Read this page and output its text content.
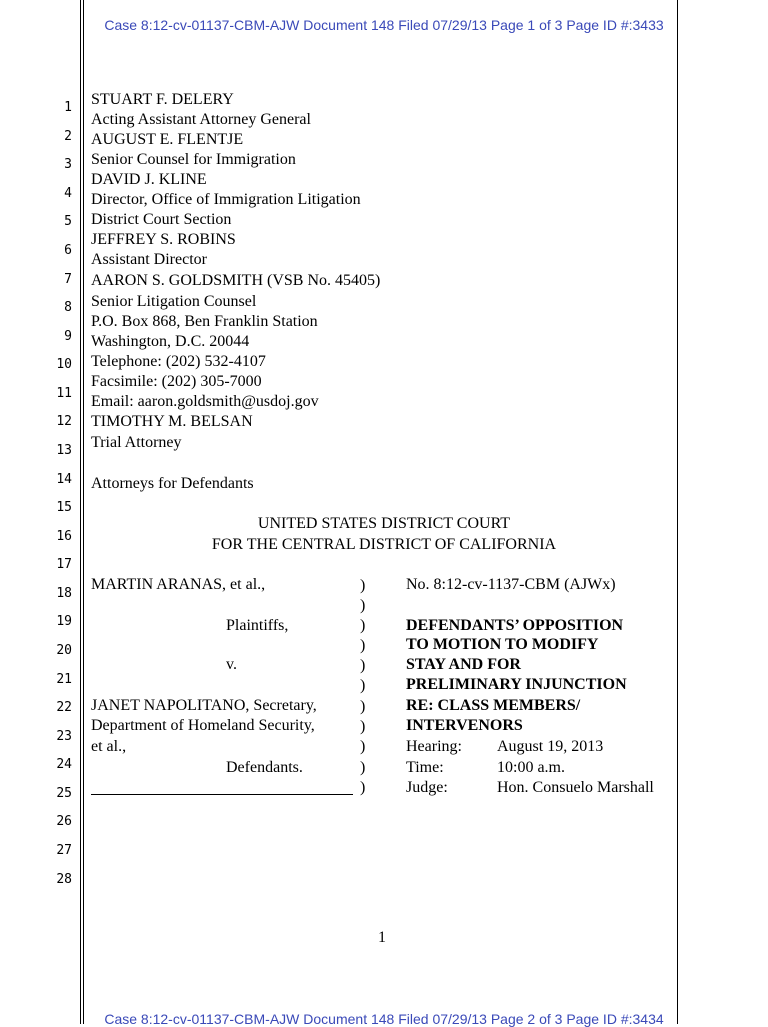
Case 8:12-cv-01137-CBM-AJW Document 148 Filed 07/29/13 Page 1 of 3 Page ID #:3433
Case 8:12-cv-01137-CBM-AJW Document 148 Filed 07/29/13 Page 2 of 3 Page ID #:3434
1
2
3
4
5
6
7
8
9
10
11
12
13
14
15
16
17
18
19
20
21
22
23
24
25
26
27
28
STUART F. DELERY
Acting Assistant Attorney General
AUGUST E. FLENTJE
Senior Counsel for Immigration
DAVID J. KLINE
Director, Office of Immigration Litigation
District Court Section
JEFFREY S. ROBINS
Assistant Director
AARON S. GOLDSMITH (VSB No. 45405)
Senior Litigation Counsel
P.O. Box 868, Ben Franklin Station
Washington, D.C. 20044
Telephone: (202) 532-4107
Facsimile: (202) 305-7000
Email: aaron.goldsmith@usdoj.gov
TIMOTHY M. BELSAN
Trial Attorney
Attorneys for Defendants
UNITED STATES DISTRICT COURT
FOR THE CENTRAL DISTRICT OF CALIFORNIA
MARTIN ARANAS, et al.,
Plaintiffs,
v.
JANET NAPOLITANO, Secretary,
Department of Homeland Security,
et al.,
Defendants.
)
)
)
)
)
)
)
)
)
)
)
No. 8:12-cv-1137-CBM (AJWx)
DEFENDANTS’ OPPOSITION
TO MOTION TO MODIFY
STAY AND FOR
PRELIMINARY INJUNCTION
RE: CLASS MEMBERS/
INTERVENORS
Hearing: August 19, 2013
Time:	10:00 a.m.
Judge:	Hon. Consuelo Marshall
1
